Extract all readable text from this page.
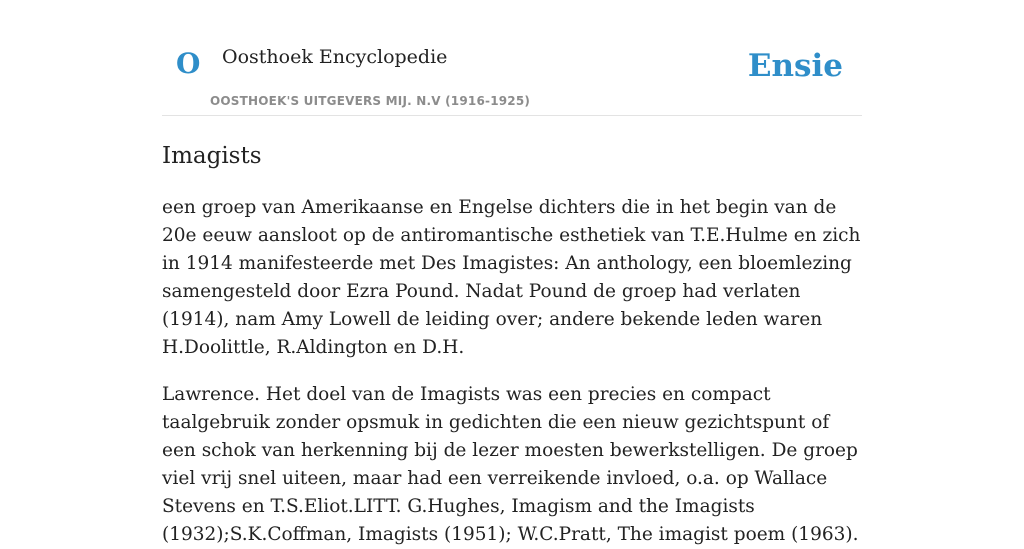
O Oosthoek Encyclopedie
OOSTHOEK'S UITGEVERS MIJ. N.V (1916-1925)
Ensie
Imagists

een groep van Amerikaanse en Engelse dichters die in het begin van de 20e eeuw aansloot op de antiromantische esthetiek van T.E.Hulme en zich in 1914 manifesteerde met Des Imagistes: An anthology, een bloemlezing samengesteld door Ezra Pound. Nadat Pound de groep had verlaten (1914), nam Amy Lowell de leiding over; andere bekende leden waren H.Doolittle, R.Aldington en D.H.

Lawrence. Het doel van de Imagists was een precies en compact taalgebruik zonder opsmuk in gedichten die een nieuw gezichtspunt of een schok van herkenning bij de lezer moesten bewerkstelligen. De groep viel vrij snel uiteen, maar had een verreikende invloed, o.a. op Wallace Stevens en T.S.Eliot.LITT. G.Hughes, Imagism and the Imagists (1932);S.K.Coffman, Imagists (1951); W.C.Pratt, The imagist poem (1963).
